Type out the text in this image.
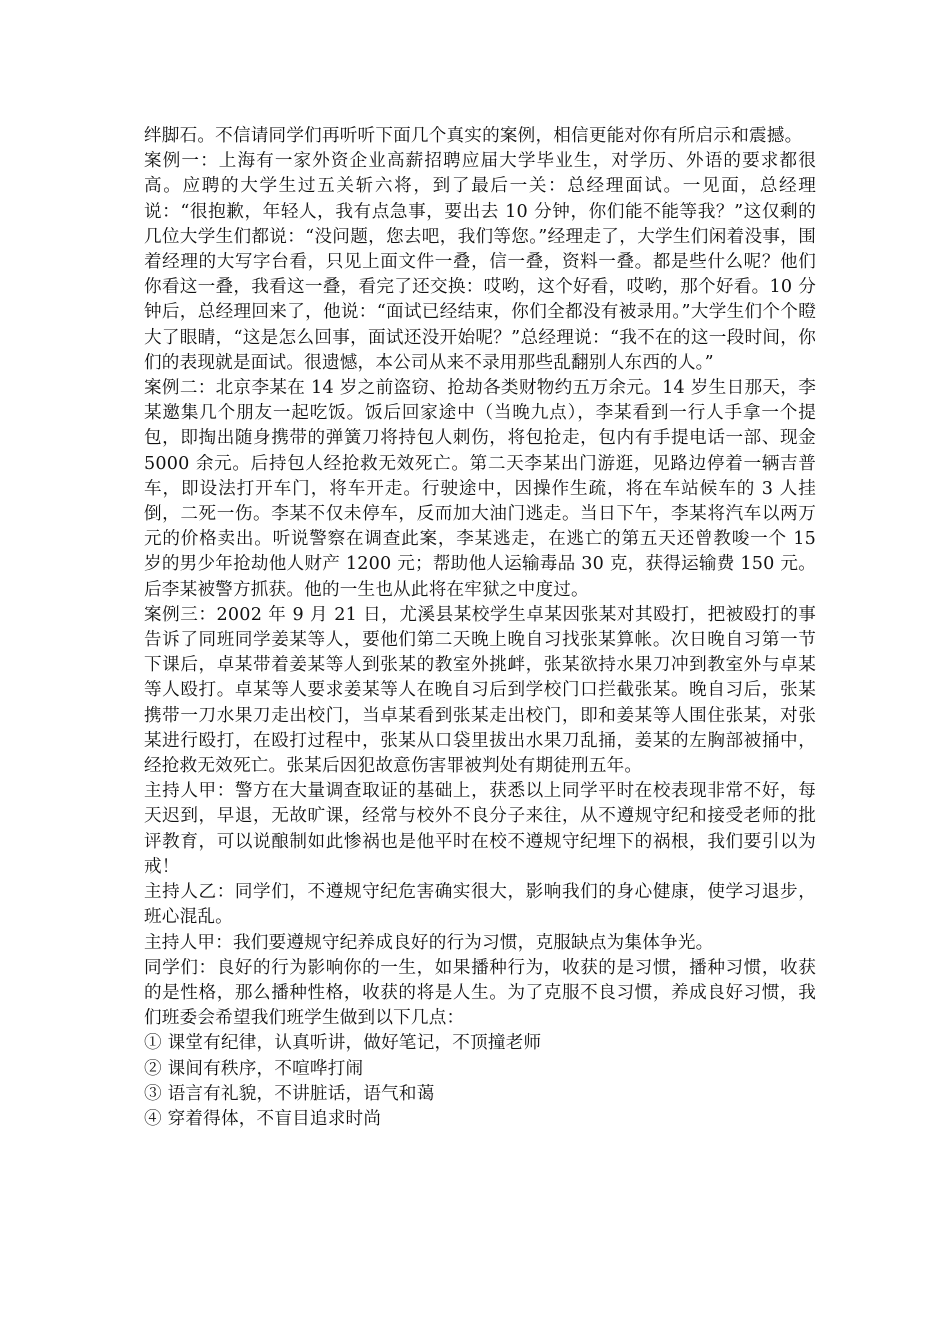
绊脚石。不信请同学们再听听下面几个真实的案例，相信更能对你有所启示和震撼。

案例一：上海有一家外资企业高薪招聘应届大学毕业生，对学历、外语的要求都很高。应聘的大学生过五关斩六将，到了最后一关：总经理面试。一见面，总经理说：“很抱歉，年轻人，我有点急事，要出去 10 分钟，你们能不能等我？”这仅剩的几位大学生们都说：“没问题，您去吧，我们等您。”经理走了，大学生们闲着没事，围着经理的大写字台看，只见上面文件一叠，信一叠，资料一叠。都是些什么呢？他们你看这一叠，我看这一叠，看完了还交换：哎哟，这个好看，哎哟，那个好看。10 分钟后，总经理回来了，他说：“面试已经结束，你们全都没有被录用。”大学生们个个瞪大了眼睛，“这是怎么回事，面试还没开始呢？”总经理说：“我不在的这一段时间，你们的表现就是面试。很遗憾，本公司从来不录用那些乱翻别人东西的人。”

案例二：北京李某在 14 岁之前盗窃、抢劫各类财物约五万余元。14 岁生日那天，李某邀集几个朋友一起吃饭。饭后回家途中（当晚九点），李某看到一行人手拿一个提包，即掏出随身携带的弹簧刀将持包人刺伤，将包抢走，包内有手提电话一部、现金 5000 余元。后持包人经抢救无效死亡。第二天李某出门游逛，见路边停着一辆吉普车，即设法打开车门，将车开走。行驶途中，因操作生疏，将在车站候车的 3 人挂倒，二死一伤。李某不仅未停车，反而加大油门逃走。当日下午，李某将汽车以两万元的价格卖出。听说警察在调查此案，李某逃走，在逃亡的第五天还曾教唆一个 15 岁的男少年抢劫他人财产 1200 元；帮助他人运输毒品 30 克，获得运输费 150 元。后李某被警方抓获。他的一生也从此将在牢狱之中度过。

案例三：2002 年 9 月 21 日，尤溪县某校学生卓某因张某对其殴打，把被殴打的事告诉了同班同学姜某等人，要他们第二天晚上晚自习找张某算帐。次日晚自习第一节下课后，卓某带着姜某等人到张某的教室外挑衅，张某欲持水果刀冲到教室外与卓某等人殴打。卓某等人要求姜某等人在晚自习后到学校门口拦截张某。晚自习后，张某携带一刀水果刀走出校门，当卓某看到张某走出校门，即和姜某等人围住张某，对张某进行殴打，在殴打过程中，张某从口袋里拔出水果刀乱捅，姜某的左胸部被捅中，经抢救无效死亡。张某后因犯故意伤害罪被判处有期徒刑五年。

主持人甲：警方在大量调查取证的基础上，获悉以上同学平时在校表现非常不好，每天迟到，早退，无故旷课，经常与校外不良分子来往，从不遵规守纪和接受老师的批评教育，可以说酿制如此惨祸也是他平时在校不遵规守纪埋下的祸根，我们要引以为戒！

主持人乙：同学们，不遵规守纪危害确实很大，影响我们的身心健康，使学习退步，班心混乱。

主持人甲：我们要遵规守纪养成良好的行为习惯，克服缺点为集体争光。

同学们：良好的行为影响你的一生，如果播种行为，收获的是习惯，播种习惯，收获的是性格，那么播种性格，收获的将是人生。为了克服不良习惯，养成良好习惯，我们班委会希望我们班学生做到以下几点：

① 课堂有纪律，认真听讲，做好笔记，不顶撞老师
② 课间有秩序，不喧哗打闹
③ 语言有礼貌，不讲脏话，语气和蔼
④ 穿着得体，不盲目追求时尚
